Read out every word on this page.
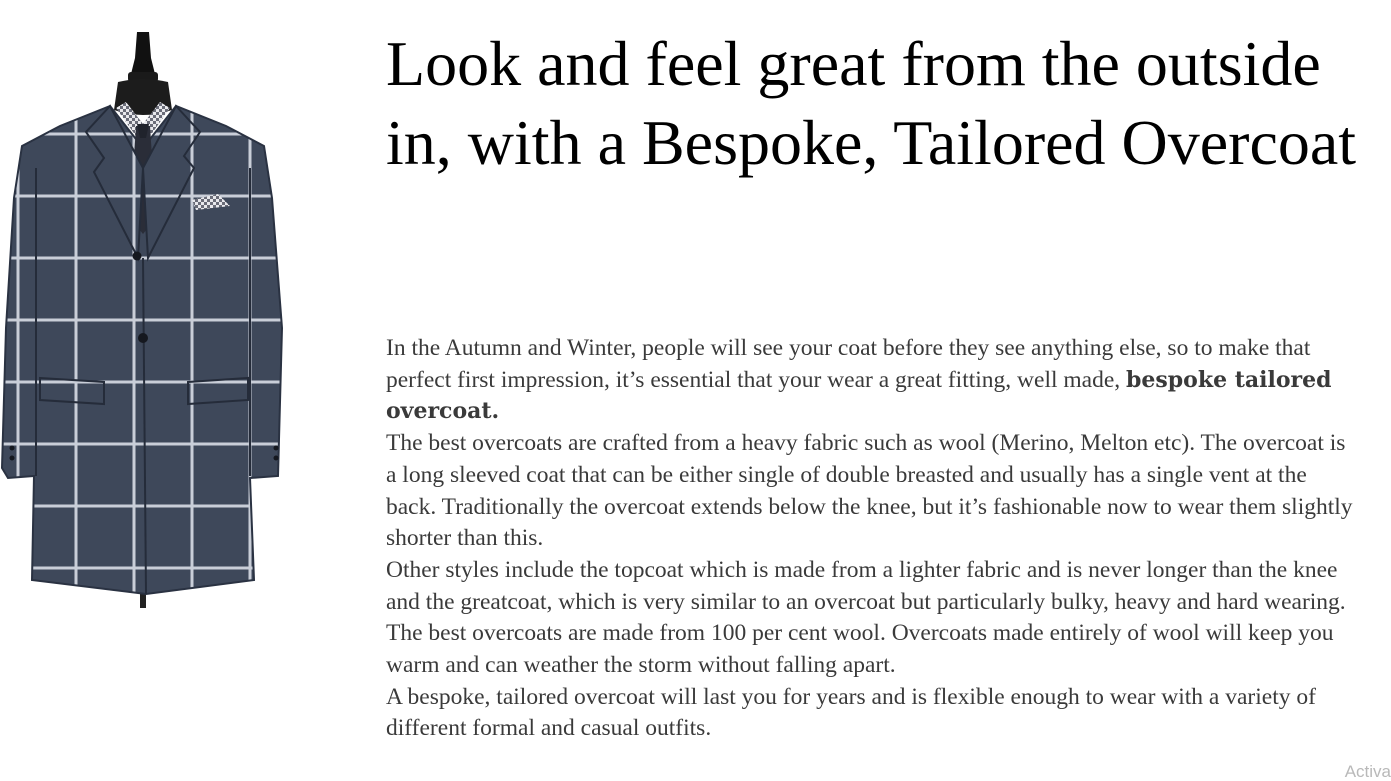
Look and feel great from the outside in, with a Bespoke, Tailored Overcoat

In the Autumn and Winter, people will see your coat before they see anything else, so to make that perfect first impression, it’s essential that your wear a great fitting, well made, bespoke tailored overcoat.

The best overcoats are crafted from a heavy fabric such as wool (Merino, Melton etc). The overcoat is a long sleeved coat that can be either single of double breasted and usually has a single vent at the back. Traditionally the overcoat extends below the knee, but it’s fashionable now to wear them slightly shorter than this.

Other styles include the topcoat which is made from a lighter fabric and is never longer than the knee and the greatcoat, which is very similar to an overcoat but particularly bulky, heavy and hard wearing.

The best overcoats are made from 100 per cent wool. Overcoats made entirely of wool will keep you warm and can weather the storm without falling apart.

A bespoke, tailored overcoat will last you for years and is flexible enough to wear with a variety of different formal and casual outfits.

Activa
